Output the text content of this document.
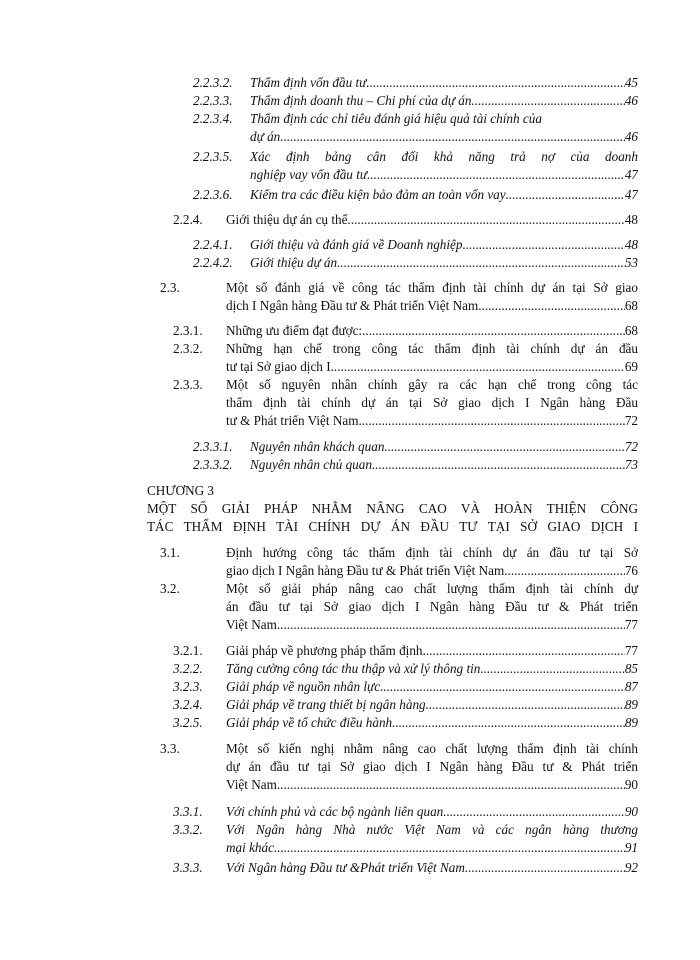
2.2.3.2. Thẩm định vốn đầu tư. .....	45
2.2.3.3. Thẩm định doanh thu – Chi phí của dự án. .....	46
2.2.3.4. Thẩm định các chỉ tiêu đánh giá hiệu quả tài chính của
dự án. .....	46
2.2.3.5. Xác định bảng cân đối khả năng trả nợ của doanh
nghiệp vay vốn đầu tư. .....	47
2.2.3.6. Kiểm tra các điều kiện bảo đảm an toàn vốn vay .....	47
2.2.4. Giới thiệu dự án cụ thể. .....	48
2.2.4.1. Giới thiệu và đánh giá về Doanh nghiệp. .....	48
2.2.4.2. Giới thiệu dự án. .....	53
2.3.	Một số đánh giá về công tác thẩm định tài chính dự án tại Sở giao
dịch I Ngân hàng Đầu tư & Phát triển Việt Nam. .....	68
2.3.1. Những ưu điểm đạt được: .....	68
2.3.2. Những hạn chế trong công tác thẩm định tài chính dự án đầu
tư tại Sở giao dịch I. .....	69
2.3.3. Một số nguyên nhân chính gây ra các hạn chế trong công tác
thẩm định tài chính dự án tại Sở giao dịch I Ngân hàng Đầu
tư & Phát triển Việt Nam. .....	72
2.3.3.1. Nguyên nhân khách quan .....	72
2.3.3.2. Nguyên nhân chủ quan. .....	73
CHƯƠNG 3
MỘT SỐ GIẢI PHÁP NHẰM NÂNG CAO VÀ HOÀN THIỆN CÔNG
TÁC THẨM ĐỊNH TÀI CHÍNH DỰ ÁN ĐẦU TƯ TẠI SỞ GIAO DỊCH I
3.1.	Định hướng công tác thẩm định tài chính dự án đầu tư tại Sở
giao dịch I Ngân hàng Đầu tư & Phát triển Việt Nam. .....	76
3.2.	Một số giải pháp nâng cao chất lượng thẩm định tài chính dự
án đầu tư tại Sở giao dịch I Ngân hàng Đầu tư & Phát triển
Việt Nam. .....	77
3.2.1. Giải pháp về phương pháp thẩm định. .....	77
3.2.2. Tăng cường công tác thu thập và xử lý thông tin. .....	85
3.2.3. Giải pháp về nguồn nhân lực. .....	87
3.2.4. Giải pháp về trang thiết bị ngân hàng. .....	89
3.2.5. Giải pháp về tổ chức điều hành. .....	89
3.3.	Một số kiến nghị nhằm nâng cao chất lượng thẩm định tài chính
dự án đầu tư tại Sở giao dịch I Ngân hàng Đầu tư & Phát triển
Việt Nam. .....	90
3.3.1. Với chính phủ và các bộ ngành liên quan. .....	90
3.3.2. Với Ngân hàng Nhà nước Việt Nam và các ngân hàng thương
mại khác. .....	91
3.3.3. Với Ngân hàng Đầu tư &Phát triển Việt Nam. .....	92
